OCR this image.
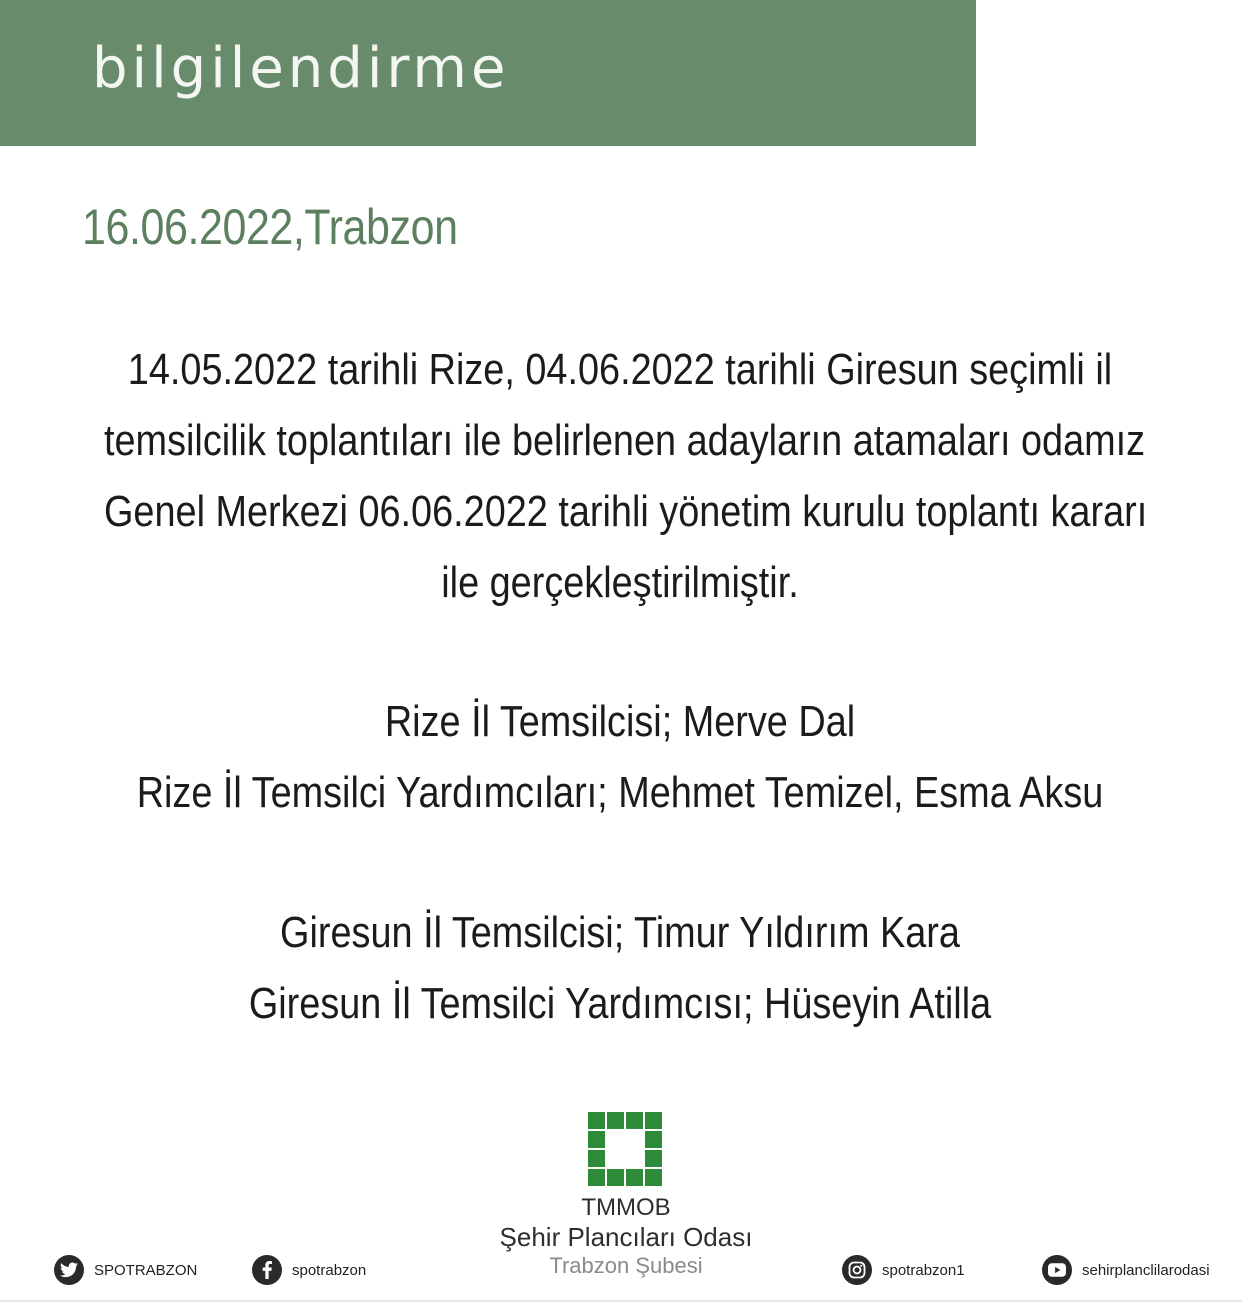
bilgilendirme
16.06.2022,Trabzon
14.05.2022 tarihli Rize, 04.06.2022 tarihli Giresun seçimli il
temsilcilik toplantıları ile belirlenen adayların atamaları odamız
Genel Merkezi 06.06.2022 tarihli yönetim kurulu toplantı kararı
ile gerçekleştirilmiştir.
Rize İl Temsilcisi; Merve Dal
Rize İl Temsilci Yardımcıları; Mehmet Temizel, Esma Aksu
Giresun İl Temsilcisi; Timur Yıldırım Kara
Giresun İl Temsilci Yardımcısı; Hüseyin Atilla
TMMOB
Şehir Plancıları Odası
Trabzon Şubesi
SPOTRABZON	spotrabzon	spotrabzon1	sehirplanclilarodasi
